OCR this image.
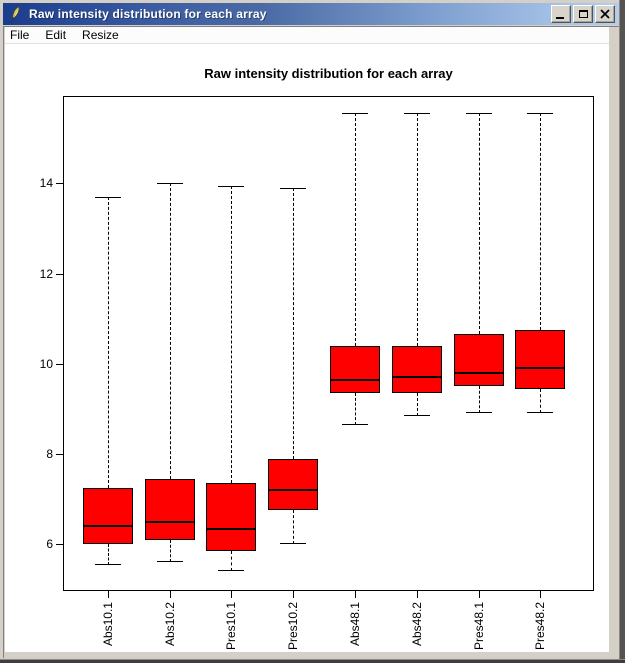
Raw intensity distribution for each array
File	Edit	Resize
Raw intensity distribution for each array
6
8
10
12
14
Abs10.1	Abs10.2	Pres10.1	Pres10.2	Abs48.1	Abs48.2	Pres48.1	Pres48.2
